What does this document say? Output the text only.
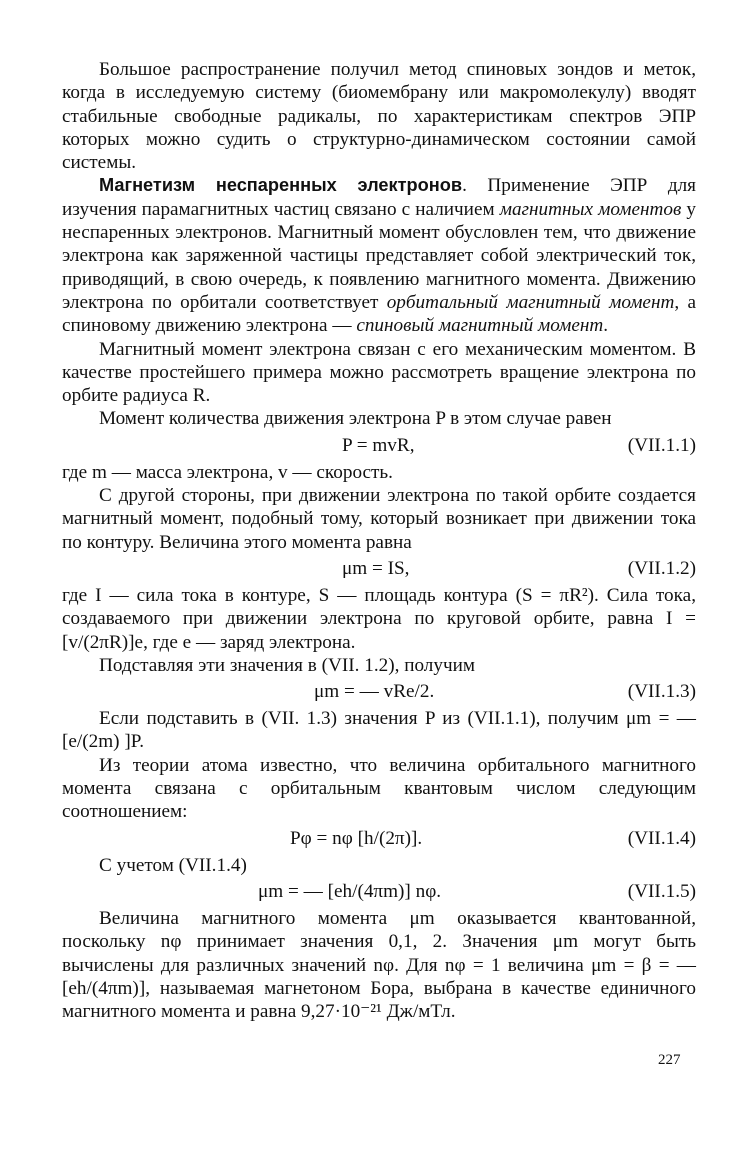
Большое распространение получил метод спиновых зондов и меток, когда в исследуемую систему (биомембрану или макромолекулу) вводят стабильные свободные радикалы, по характеристикам спектров ЭПР которых можно судить о структурно-динамическом состоянии самой системы.

Магнетизм неспаренных электронов. Применение ЭПР для изучения парамагнитных частиц связано с наличием магнитных моментов у неспаренных электронов. Магнитный момент обусловлен тем, что движение электрона как заряженной частицы представляет собой электрический ток, приводящий, в свою очередь, к появлению магнитного момента. Движению электрона по орбитали соответствует орбитальный магнитный момент, а спиновому движению электрона — спиновый магнитный момент.

Магнитный момент электрона связан с его механическим моментом. В качестве простейшего примера можно рассмотреть вращение электрона по орбите радиуса R.

Момент количества движения электрона P в этом случае равен

P = mvR,	(VII.1.1)

где m — масса электрона, v — скорость.

С другой стороны, при движении электрона по такой орбите создается магнитный момент, подобный тому, который возникает при движении тока по контуру. Величина этого момента равна

μm = IS,	(VII.1.2)

где I — сила тока в контуре, S — площадь контура (S = πR²). Сила тока, создаваемого при движении электрона по круговой орбите, равна I = [v/(2πR)]e, где e — заряд электрона.

Подставляя эти значения в (VII. 1.2), получим

μm = — vRe/2.	(VII.1.3)

Если подставить в (VII. 1.3) значения P из (VII.1.1), получим μm = — [e/(2m) ]P.

Из теории атома известно, что величина орбитального магнитного момента связана с орбитальным квантовым числом следующим соотношением:

Pφ = nφ [h/(2π)].	(VII.1.4)

С учетом (VII.1.4)

μm = — [eh/(4πm)] nφ.	(VII.1.5)

Величина магнитного момента μm оказывается квантованной, поскольку nφ принимает значения 0,1, 2. Значения μm могут быть вычислены для различных значений nφ. Для nφ = 1 величина μm = β = — [eh/(4πm)], называемая магнетоном Бора, выбрана в качестве единичного магнитного момента и равна 9,27·10⁻²¹ Дж/мТл.

227
